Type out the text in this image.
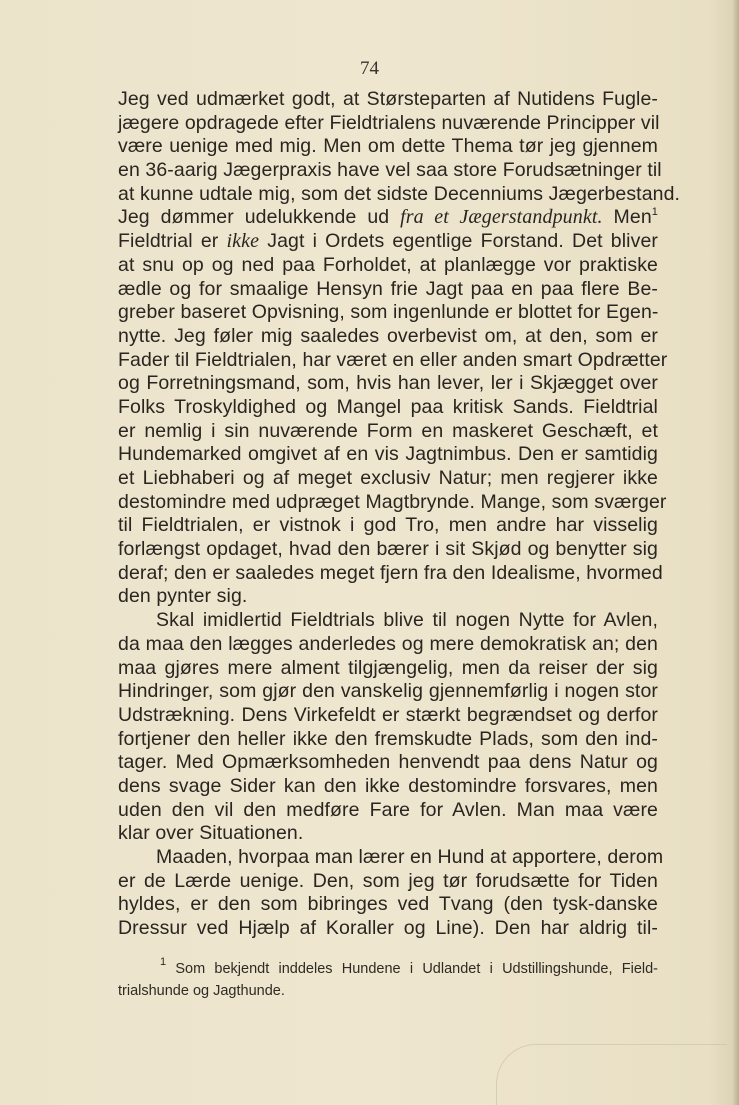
74
Jeg ved udmærket godt, at Størsteparten af Nutidens Fugle-
jægere opdragede efter Fieldtrialens nuværende Principper vil
være uenige med mig. Men om dette Thema tør jeg gjennem
en 36-aarig Jægerpraxis have vel saa store Forudsætninger til
at kunne udtale mig, som det sidste Decenniums Jægerbestand.
Jeg dømmer udelukkende ud fra et Jægerstandpunkt. Men$^1$
Fieldtrial er ikke Jagt i Ordets egentlige Forstand. Det bliver
at snu op og ned paa Forholdet, at planlægge vor praktiske
ædle og for smaalige Hensyn frie Jagt paa en paa flere Be-
greber baseret Opvisning, som ingenlunde er blottet for Egen-
nytte. Jeg føler mig saaledes overbevist om, at den, som er
Fader til Fieldtrialen, har været en eller anden smart Opdrætter
og Forretningsmand, som, hvis han lever, ler i Skjægget over
Folks Troskyldighed og Mangel paa kritisk Sands. Fieldtrial
er nemlig i sin nuværende Form en maskeret Geschæft, et
Hundemarked omgivet af en vis Jagtnimbus. Den er samtidig
et Liebhaberi og af meget exclusiv Natur; men regjerer ikke
destomindre med udpræget Magtbrynde. Mange, som sværger
til Fieldtrialen, er vistnok i god Tro, men andre har visselig
forlængst opdaget, hvad den bærer i sit Skjød og benytter sig
deraf; den er saaledes meget fjern fra den Idealisme, hvormed
den pynter sig.
Skal imidlertid Fieldtrials blive til nogen Nytte for Avlen,
da maa den lægges anderledes og mere demokratisk an; den
maa gjøres mere alment tilgjængelig, men da reiser der sig
Hindringer, som gjør den vanskelig gjennemførlig i nogen stor
Udstrækning. Dens Virkefeldt er stærkt begrændset og derfor
fortjener den heller ikke den fremskudte Plads, som den ind-
tager. Med Opmærksomheden henvendt paa dens Natur og
dens svage Sider kan den ikke destomindre forsvares, men
uden den vil den medføre Fare for Avlen. Man maa være
klar over Situationen.
Maaden, hvorpaa man lærer en Hund at apportere, derom
er de Lærde uenige. Den, som jeg tør forudsætte for Tiden
hyldes, er den som bibringes ved Tvang (den tysk-danske
Dressur ved Hjælp af Koraller og Line). Den har aldrig til-
$^1$ Som bekjendt inddeles Hundene i Udlandet i Udstillingshunde, Field-
trialshunde og Jagthunde.
